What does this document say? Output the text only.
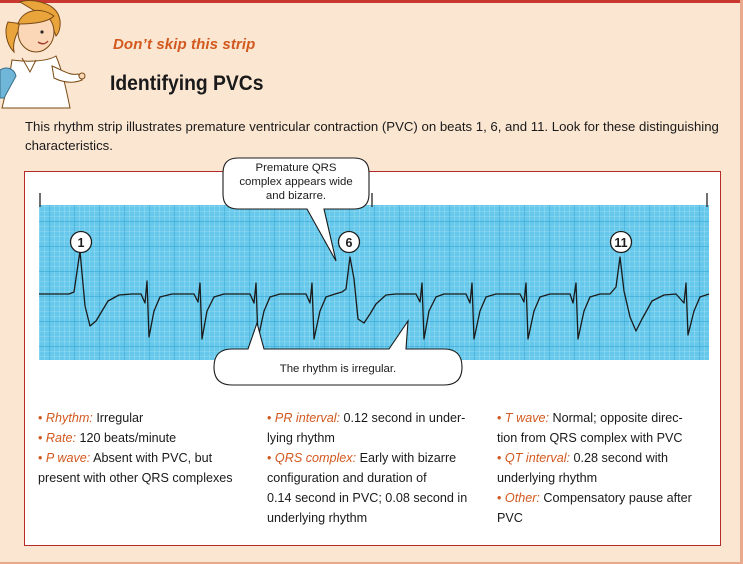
Don’t skip this strip
Identifying PVCs
This rhythm strip illustrates premature ventricular contraction (PVC) on beats 1, 6, and 11. Look for these distinguishing characteristics.
1	6	11
Premature QRS
complex appears wide
and bizarre.
The rhythm is irregular.
• Rhythm: Irregular
• Rate: 120 beats/minute
• P wave: Absent with PVC, but
present with other QRS complexes
• PR interval: 0.12 second in under-
lying rhythm
• QRS complex: Early with bizarre
configuration and duration of
0.14 second in PVC; 0.08 second in
underlying rhythm
• T wave: Normal; opposite direc-
tion from QRS complex with PVC
• QT interval: 0.28 second with
underlying rhythm
• Other: Compensatory pause after
PVC
